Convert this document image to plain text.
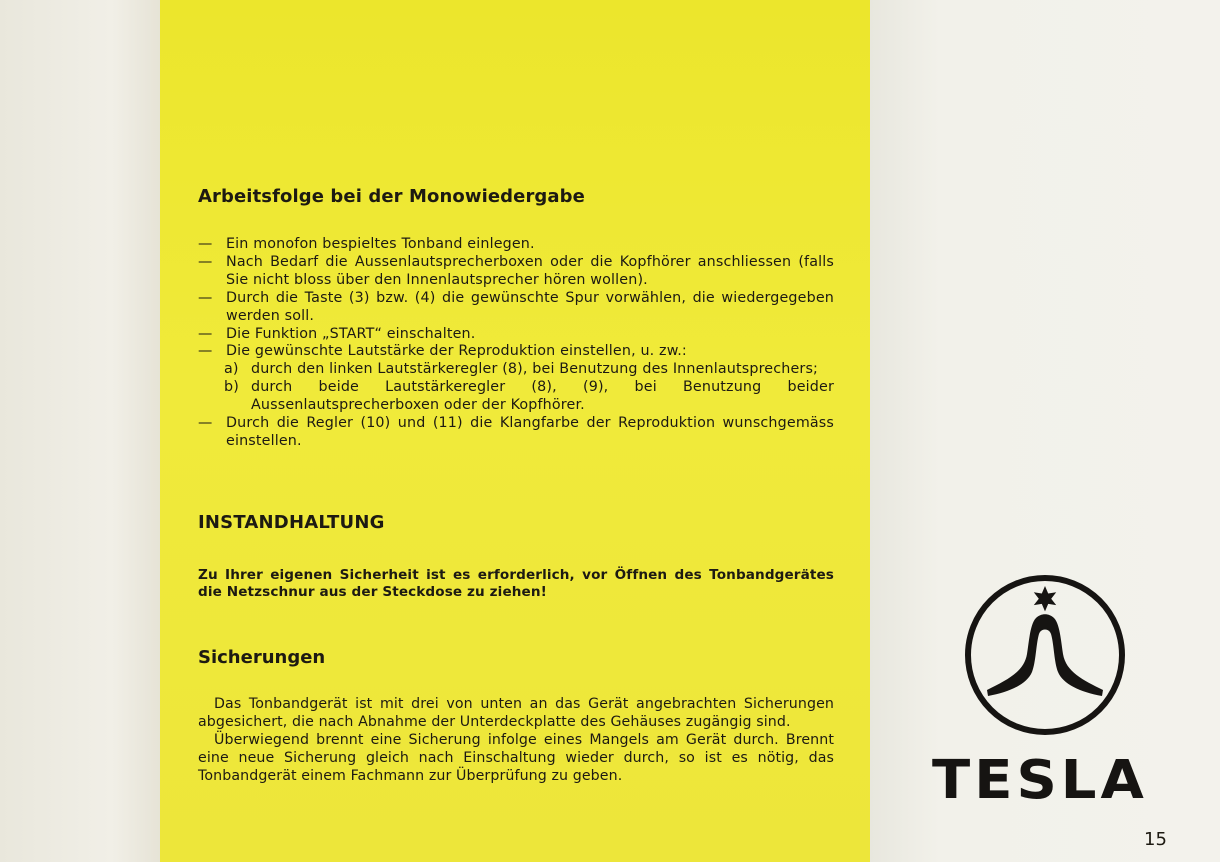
Arbeitsfolge bei der Monowiedergabe
— Ein monofon bespieltes Tonband einlegen.
— Nach Bedarf die Aussenlautsprecherboxen oder die Kopfhörer anschliessen (falls Sie nicht bloss über den Innenlautsprecher hören wollen).
— Durch die Taste (3) bzw. (4) die gewünschte Spur vorwählen, die wiedergegeben werden soll.
— Die Funktion „START“ einschalten.
— Die gewünschte Lautstärke der Reproduktion einstellen, u. zw.:
a) durch den linken Lautstärkeregler (8), bei Benutzung des Innenlautsprechers;
b) durch beide Lautstärkeregler (8), (9), bei Benutzung beider Aussenlautsprecherboxen oder der Kopfhörer.
— Durch die Regler (10) und (11) die Klangfarbe der Reproduktion wunschgemäss einstellen.
INSTANDHALTUNG
Zu Ihrer eigenen Sicherheit ist es erforderlich, vor Öffnen des Tonbandgerätes die Netzschnur aus der Steckdose zu ziehen!
Sicherungen

Das Tonbandgerät ist mit drei von unten an das Gerät angebrachten Sicherungen abgesichert, die nach Abnahme der Unterdeckplatte des Gehäuses zugängig sind.

Überwiegend brennt eine Sicherung infolge eines Mangels am Gerät durch. Brennt eine neue Sicherung gleich nach Einschaltung wieder durch, so ist es nötig, das Tonbandgerät einem Fachmann zur Überprüfung zu geben.	TESLA
15
